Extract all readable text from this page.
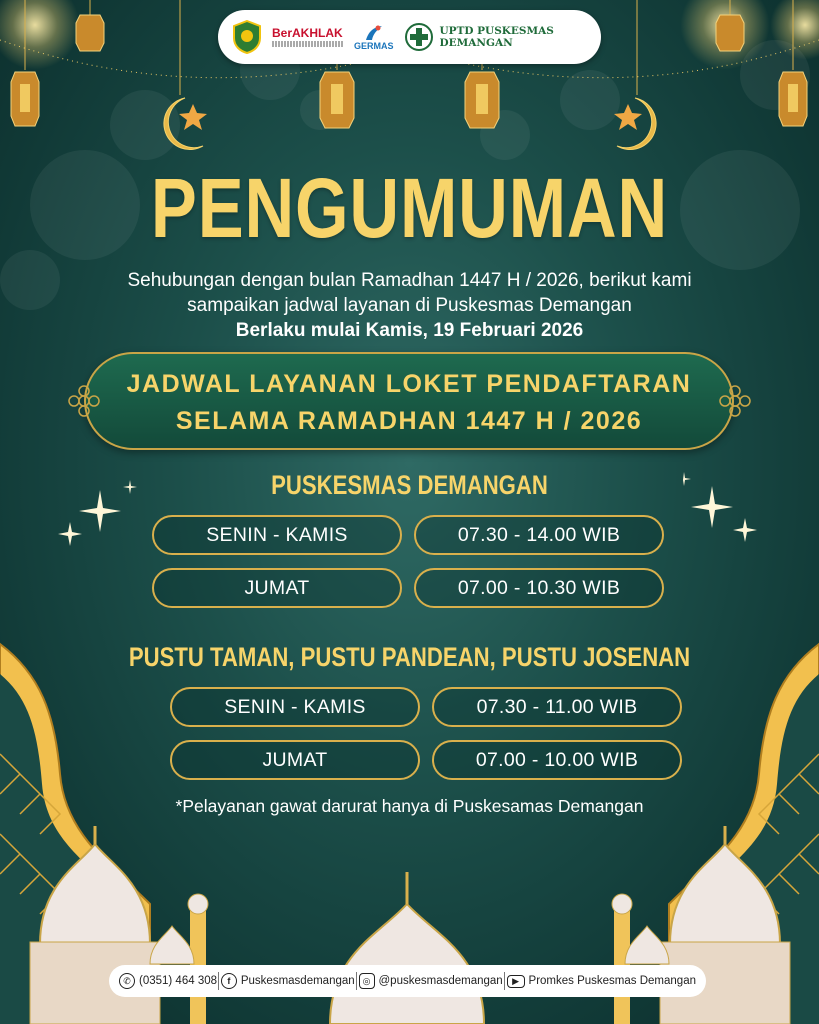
BerAKHLAK
GERMAS
UPTD PUSKESMAS
DEMANGAN
PENGUMUMAN
Sehubungan dengan bulan Ramadhan 1447 H / 2026, berikut kami
sampaikan jadwal layanan di Puskesmas Demangan
Berlaku mulai Kamis, 19 Februari 2026
JADWAL LAYANAN LOKET PENDAFTARAN
SELAMA RAMADHAN 1447 H / 2026
PUSKESMAS DEMANGAN
SENIN - KAMIS	07.30 - 14.00 WIB
JUMAT	07.00 - 10.30 WIB
PUSTU TAMAN, PUSTU PANDEAN, PUSTU JOSENAN
SENIN - KAMIS	07.30 - 11.00 WIB
JUMAT	07.00 - 10.00 WIB
*Pelayanan gawat darurat hanya di Puskesamas Demangan
✆ (0351) 464 308	f Puskesmasdemangan ◎ @puskesmasdemangan	▶ Promkes Puskesmas Demangan
